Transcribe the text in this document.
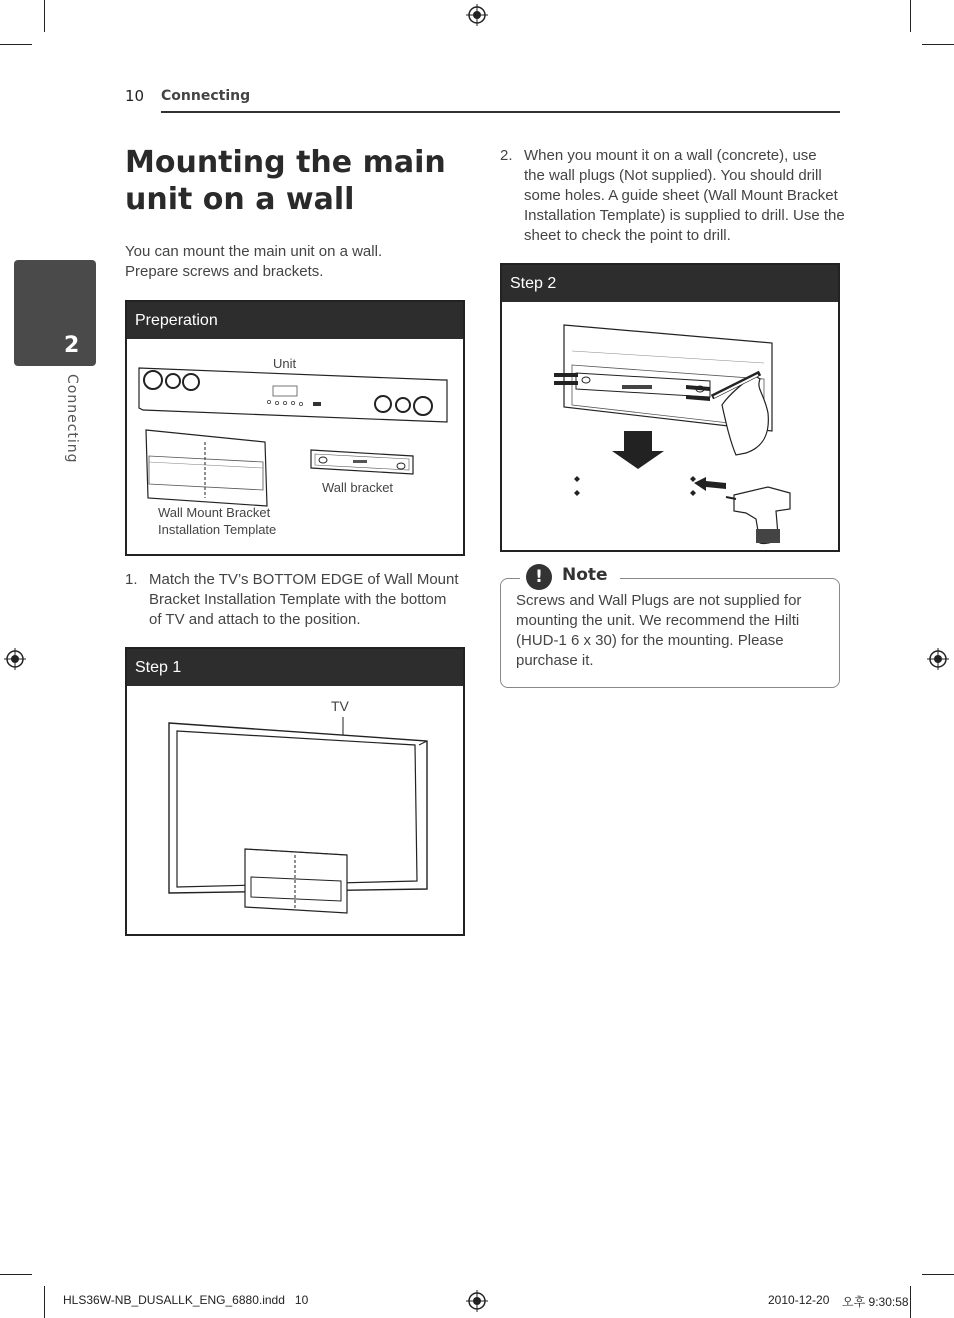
10 Connecting
2
Connecting
Mounting the main unit on a wall
You can mount the main unit on a wall.
Prepare screws and brackets.
Preperation
Unit
Wall bracket
Wall Mount Bracket
Installation Template
1. Match the TV’s BOTTOM EDGE of Wall Mount
Bracket Installation Template with the bottom
of TV and attach to the position.
Step 1
TV
2. When you mount it on a wall (concrete), use
the wall plugs (Not supplied). You should drill
some holes. A guide sheet (Wall Mount Bracket
Installation Template) is supplied to drill. Use the
sheet to check the point to drill.
Step 2
!	Note
Screws and Wall Plugs are not supplied for
mounting the unit. We recommend the Hilti
(HUD-1 6 x 30) for the mounting. Please
purchase it.
HLS36W-NB_DUSALLK_ENG_6880.indd   10	2010-12-20 오후 9:30:58
